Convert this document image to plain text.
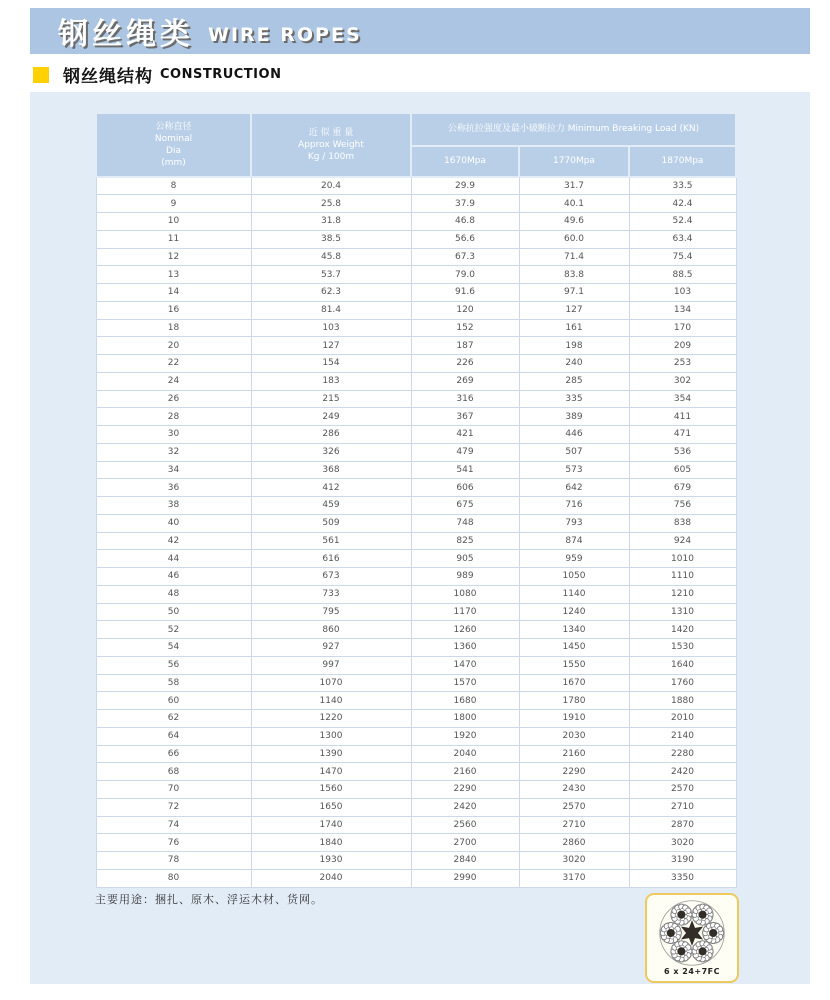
钢丝绳类 WIRE ROPES
钢丝绳结构 CONSTRUCTION
公称直径
Nominal
Dia
(mm)

近 似 重 量
Approx Weight
Kg / 100m
	公称抗拉强度及最小破断拉力 Minimum Breaking Load (KN)
		1670Mpa	1770Mpa	1870Mpa
8	20.4	29.9	31.7	33.5
9	25.8	37.9	40.1	42.4
10	31.8	46.8	49.6	52.4
11	38.5	56.6	60.0	63.4
12	45.8	67.3	71.4	75.4
13	53.7	79.0	83.8	88.5
14	62.3	91.6	97.1	103
16	81.4	120	127	134
18	103	152	161	170
20	127	187	198	209
22	154	226	240	253
24	183	269	285	302
26	215	316	335	354
28	249	367	389	411
30	286	421	446	471
32	326	479	507	536
34	368	541	573	605
36	412	606	642	679
38	459	675	716	756
40	509	748	793	838
42	561	825	874	924
44	616	905	959	1010
46	673	989	1050	1110
48	733	1080	1140	1210
50	795	1170	1240	1310
52	860	1260	1340	1420
54	927	1360	1450	1530
56	997	1470	1550	1640
58	1070	1570	1670	1760
60	1140	1680	1780	1880
62	1220	1800	1910	2010
64	1300	1920	2030	2140
66	1390	2040	2160	2280
68	1470	2160	2290	2420
70	1560	2290	2430	2570
72	1650	2420	2570	2710
74	1740	2560	2710	2870
76	1840	2700	2860	3020
78	1930	2840	3020	3190
80	2040	2990	3170	3350
主要用途：捆扎、原木、浮运木材、货网。
6 x 24+7FC
